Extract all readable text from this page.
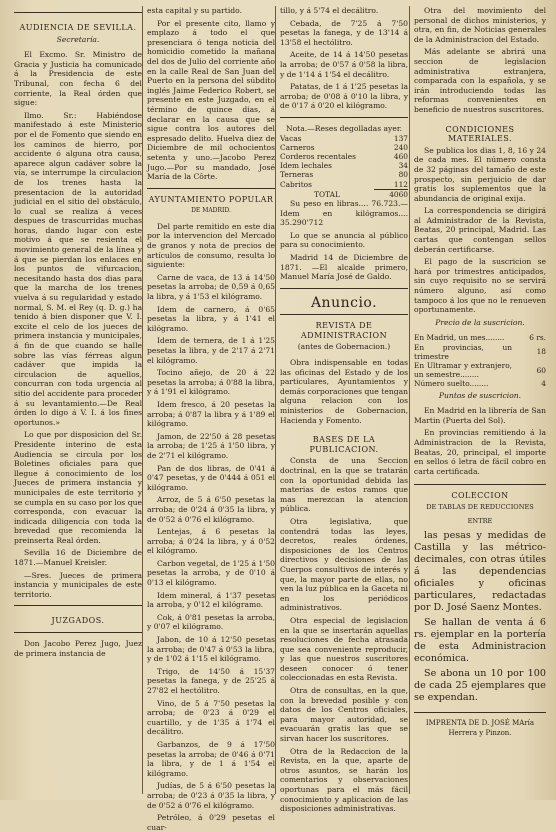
AUDIENCIA DE SEVILLA.
Secretaría.

El Excmo. Sr. Ministro de Gracia y Justicia ha comunicado á la Presidencia de este Tribunal, con fecha 6 del corriente, la Real órden que sigue:

Ilmo. Sr.: Habiéndose manifestado á este Ministerio por el de Fomento que siendo en los caminos de hierro, por accidente ó alguna otra causa, aparece algun cadáver sobre la vía, se interrumpe la circulacion de los trenes hasta la presentacion de la autoridad judicial en el sitio del obstáculo, lo cual se realiza á veces despues de trascurridas muchas horas, dando lugar con este motivo á que se resienta el movimiento general de la línea y á que se pierdan los enlaces en los puntos de vifurcacion, necesitando hasta dos dias para que la marcha de los trenes vuelva á su regularidad y estado normal, S. M. el Rey (q. D. g.) ha tenido á bien disponer que V. I. excite el celo de los jueces de primera instancia y municipales, á fin de que cuando se halle sobre las vías férreas algun cadáver que impida la circulacion de aquellos, concurran con toda urgencia al sitio del accidente para proceder á su levantamiento.—De Real órden lo digo á V. I. á los fines oportunos.»

Lo que por disposicion del Sr. Presidente interino de esta Audiencia se circula por los Boletines oficiales para que llegue á conocimiento de los Jueces de primera instancia y municipales de este territorio y se cumpla en su caso por los que corresponda, con evacuar la indicada diligencia con toda la brevedad que recomienda la preinserta Real órden.

Sevilla 16 de Diciembre de 1871.—Manuel Kreisler.

—Sres. Jueces de primera instancia y municipales de este territorio.

JUZGADOS.

Don Jacobo Perez Jugo, Juez de primera instancia de

esta capital y su partido.

Por el presente cito, llamo y emplazo á todo el que presenciara ó tenga noticia del homicidio cometido la mañana del dos de Julio del corriente año en la calle Real de San Juan del Puerto en la persona del súbdito inglés Jaime Federico Robert, se presente en este Juzgado, en el término de quince dias, á declarar en la causa que se sigue contra los autores del espresado delito. Huelva diez de Diciembre de mil ochocientos setenta y uno.—Jacobo Perez Jugo.—Por su mandado, José María de la Côrte.

AYUNTAMIENTO POPULAR
DE MADRID.

Del parte remitido en este dia por la intervencion del Mercado de granos y nota de precios de artículos de consumo, resulta lo siguiente:

Carne de vaca, de 13 á 14'50 pesetas la arroba; de 0,59 á 0,65 la libra, y á 1'53 el kilógramo.

Idem de carnero, á 0'65 pesetas la libra, y á 1'41 el kilógramo.

Idem de ternera, de 1 á 1'25 pesetas la libra, y de 2'17 á 2'71 el kilógramo.

Tocino añejo, de 20 á 22 pesetas la arroba; á 0'88 la libra, y á 1'91 el kilógramo.

Idem fresco, á 20 pesetas la arroba; á 0'87 la libra y á 1'89 el kilógramo.

Jamon, de 22'50 á 28 pesetas la arroba; de 1'25 á 1'50 libra, y de 2'71 el kilógramo.

Pan de dos libras, de 0'41 á 0'47 pesetas, y de 0'444 á 051 el kilógramo.

Arroz, de 5 á 6'50 pesetas la arroba; de 0'24 á 0'35 la libra, y de 0'52 á 0'76 el kilógramo.

Lentejas, á 6 pesetas la arroba; á 0'24 la libra, y á 0'52 el kilógramo.

Carbon vegetal, de 1'25 á 1'50 pesetas la arroba, y de 0'10 á 0'13 el kilógramo.

Idem mineral, á 1'37 pesetas la arroba, y 0'12 el kilógramo.

Cok, á 0'81 pesetas la arroba, y 0'07 el kilógramo.

Jabon, de 10 á 12'50 pesetas la arroba; de 0'47 á 0'53 la libra, y de 1'02 á 1'15 el kilógramo.

Trigo, de 14'50 á 15'37 pesetas la fanega, y de 25'25 á 27'82 el hectólitro.

Vino, de 5 á 7'50 pesetas la arroba; de 0'23 á 0'29 el cuartillo, y de 1'35 á 1'74 el decálitro.

Garbanzos, de 9 á 17'50 pesetas la arroba; de 0'46 á 0'71 la libra, y de 1 á 1'54 el kilógramo.

Judías, de 5 á 6'50 pesetas la arroba; de 0'23 á 0'35 la libra, y de 0'52 á 0'76 el kilógramo.

Petróleo, á 0'29 pesetas el cuar-

tillo, y á 5'74 el decálitro.

Cebada, de 7'25 á 7'50 pesetas la fanega, y de 13'14 á 13'58 el hectólitro.

Aceite, de 14 á 14'50 pesetas la arroba; de 0'57 á 0'58 la libra, y de 1'14 á 1'54 el decálitro.

Patatas, de 1 á 1'25 pesetas la arroba; de 0'08 á 0'10 la libra, y de 0'17 á 0'20 el kilógramo.

Nota.—Reses degolladas ayer.
Vacas	137
Carneros	240
Corderos recentales	460
Idem lechales	34
Terneras	80
Cabritos	112
TOTAL	4060

Su peso en libras.... 76.723.— Idem en kilógramos.... 35.290'712

Lo que se anuncia al público para su conocimiento.

Madrid 14 de Diciembre de 1871. —El alcalde primero, Manuel María José de Galdo.

Anuncio.
REVISTA DE ADMINISTRACION
(antes de Gobernacion.)

Obra indispensable en todas las oficinas del Estado y de los particulares, Ayuntamientos y demás corporaciones que tengan alguna relacion con los ministerios de Gobernacion, Hacienda y Fomento.

BASES DE LA PUBLICACION.

Consta de una Seccion doctrinal, en la que se tratarán con la oportunidad debida las materias de estos ramos que mas merezcan la atencion pública.

Otra legislativa, que contendrá todas las leyes, decretos, reales órdenes, disposiciones de los Centros directivos y decisiones de las Cuerpos consultivos de interés y que, la mayor parte de ellas, no ven la luz pública en la Gaceta ni en los periódicos administrativos.

Otra especial de legislacion en la que se insertarán aquellas resoluciones de fecha atrasada que sea conveniente reproducir, y las que nuestros suscritores deseen conocer ó tener coleccionadas en esta Revista.

Otra de consultas, en la que, con la brevedad posible y con datos de los Centros oficiales, para mayor autoridad, se evacuarán gratis las que se sirvan hacer los suscritores.

Otra de la Redaccion de la Revista, en la que, aparte de otros asuntos, se harán los comentarios y observaciones oportunas para el más fácil conocimiento y aplicacion de las disposiciones administrativas.

Otra del movimiento del personal de dichos ministerios, y otra, en fin, de Noticias generales de la Administracion del Estado.

Más adelante se abrirá una seccion de legislacion administrativa extranjera, comparada con la española, y se irán introduciendo todas las reformas convenientes en beneficio de nuestros suscritores.

CONDICIONES MATERIALES.

Se publica los dias 1, 8, 16 y 24 de cada mes. El número consta de 32 páginas del tamaño de este prospecto, sin perjuicio de dar gratis los suplementos que la abundancia de original exija.

La correspondencia se dirigirá al Administrador de la Revista, Beatas, 20 principal, Madrid. Las cartas que contengan sellos deberán certificarse.

El pago de la suscricion se hará por trimestres anticipados, sin cuyo requisito no se servirá número alguno, así como tampoco á los que no le renueven oportunamente.

Precio de la suscricion.
En Madrid, un mes........	6 rs.
En provincias, un trimestre	18
En Ultramar y extranjero, un semestre........	60
Número suelto........	4
Puntos de suscricion.

En Madrid en la librería de San Martin (Puerta del Sol).

En provincias remitiendo á la Administracion de la Revista, Beatas, 20, principal, el importe en sellos ó letra de fácil cobro en carta certificada.

COLECCION
DE TABLAS DE REDUCCIONES
ENTRE

las pesas y medidas de Castilla y las métrico-decimales, con otras útiles á las dependencias oficiales y oficinas particulares, redactadas por D. José Saenz Montes.

Se hallan de venta á 6 rs. ejemplar en la portería de esta Administracion económica.

Se abona un 10 por 100 de cada 25 ejemplares que se expendan.

IMPRENTA DE D. JOSÉ MAría Herrera y Pinzon.
